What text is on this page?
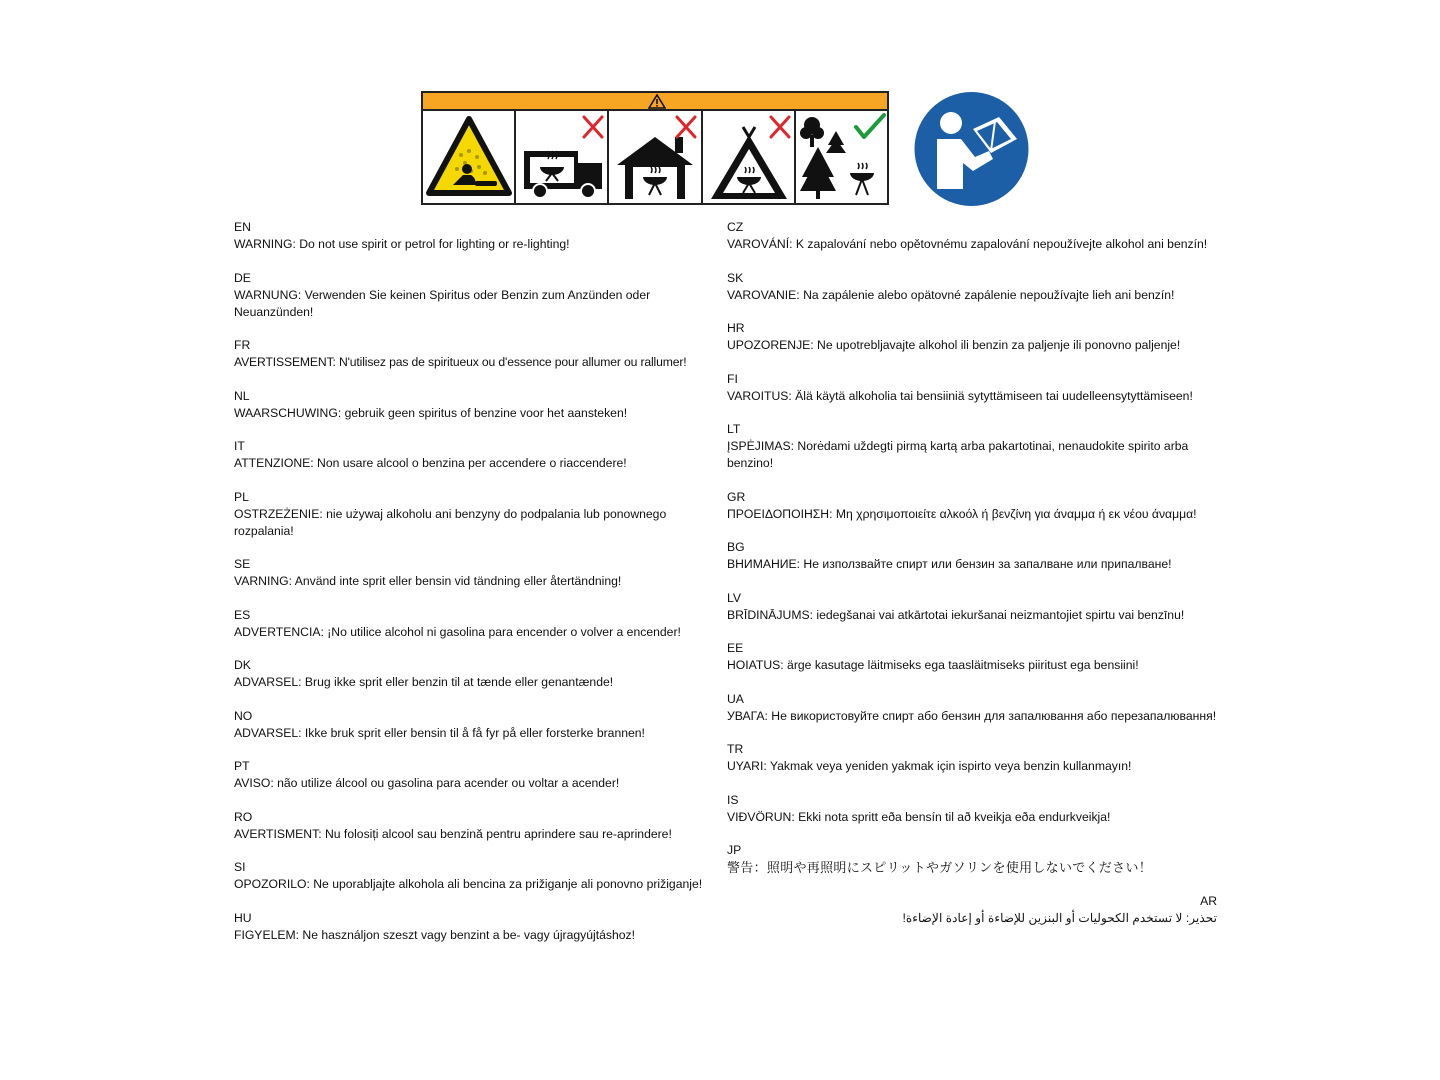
EN
WARNING: Do not use spirit or petrol for lighting or re-lighting!
DE
WARNUNG: Verwenden Sie keinen Spiritus oder Benzin zum Anzünden oder Neuanzünden!
FR
AVERTISSEMENT: N'utilisez pas de spiritueux ou d'essence pour allumer ou rallumer!
NL
WAARSCHUWING: gebruik geen spiritus of benzine voor het aansteken!
IT
ATTENZIONE: Non usare alcool o benzina per accendere o riaccendere!
PL
OSTRZEŻENIE: nie używaj alkoholu ani benzyny do podpalania lub ponownego rozpalania!
SE
VARNING: Använd inte sprit eller bensin vid tändning eller återtändning!
ES
ADVERTENCIA: ¡No utilice alcohol ni gasolina para encender o volver a encender!
DK
ADVARSEL: Brug ikke sprit eller benzin til at tænde eller genantænde!
NO
ADVARSEL: Ikke bruk sprit eller bensin til å få fyr på eller forsterke brannen!
PT
AVISO: não utilize álcool ou gasolina para acender ou voltar a acender!
RO
AVERTISMENT: Nu folosiți alcool sau benzină pentru aprindere sau re-aprindere!
SI
OPOZORILO: Ne uporabljajte alkohola ali bencina za prižiganje ali ponovno prižiganje!
HU
FIGYELEM: Ne használjon szeszt vagy benzint a be- vagy újragyújtáshoz!
CZ
VAROVÁNÍ: K zapalování nebo opětovnému zapalování nepoužívejte alkohol ani benzín!
SK
VAROVANIE: Na zapálenie alebo opätovné zapálenie nepoužívajte lieh ani benzín!
HR
UPOZORENJE: Ne upotrebljavajte alkohol ili benzin za paljenje ili ponovno paljenje!
FI
VAROITUS: Älä käytä alkoholia tai bensiiniä sytyttämiseen tai uudelleensytyttämiseen!
LT
ĮSPĖJIMAS: Norėdami uždegti pirmą kartą arba pakartotinai, nenaudokite spirito arba benzino!
GR
ΠΡΟΕΙΔΟΠΟΙΗΣΗ: Μη χρησιμοποιείτε αλκοόλ ή βενζίνη για άναμμα ή εκ νέου άναμμα!
BG
ВНИМАНИЕ: Не използвайте спирт или бензин за запалване или припалване!
LV
BRĪDINĀJUMS: iedegšanai vai atkārtotai iekuršanai neizmantojiet spirtu vai benzīnu!
EE
HOIATUS: ärge kasutage läitmiseks ega taasläitmiseks piiritust ega bensiini!
UA
УВАГА: Не використовуйте спирт або бензин для запалювання або перезапалювання!
TR
UYARI: Yakmak veya yeniden yakmak için ispirto veya benzin kullanmayın!
IS
VIÐVÖRUN: Ekki nota spritt eða bensín til að kveikja eða endurkveikja!
JP
警告：照明や再照明にスピリットやガソリンを使用しないでください！
AR
تحذير: لا تستخدم الكحوليات أو البنزين للإضاءة أو إعادة الإضاءة!
